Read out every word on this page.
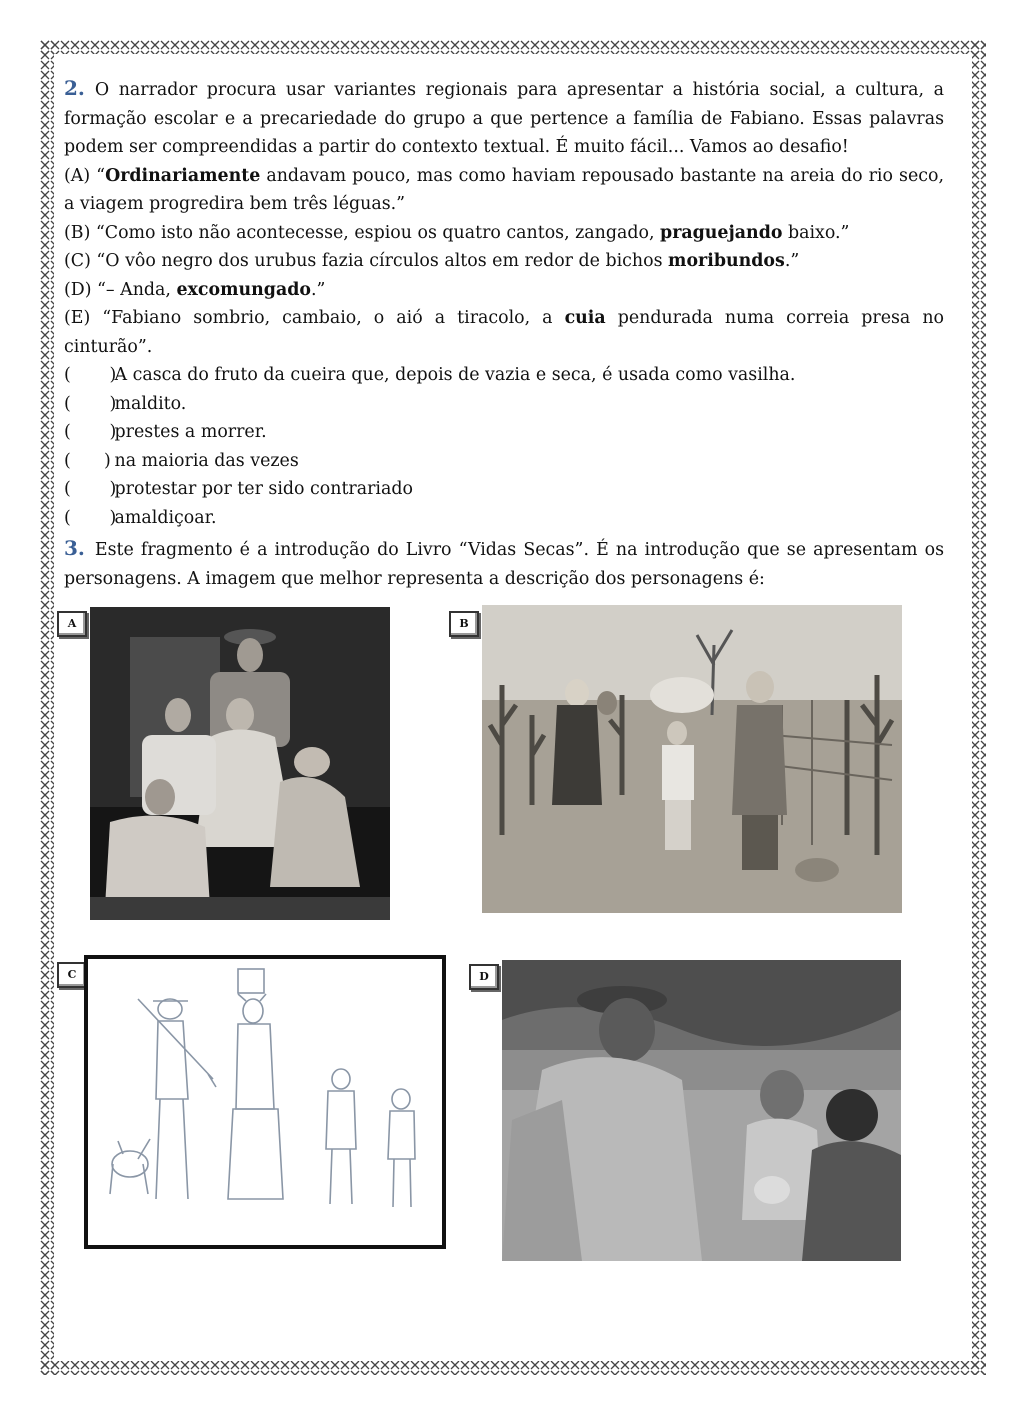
2. O narrador procura usar variantes regionais para apresentar a história social, a cultura, a formação escolar e a precariedade do grupo a que pertence a família de Fabiano. Essas palavras podem ser compreendidas a partir do contexto textual. É muito fácil... Vamos ao desafio!

(A) “Ordinariamente andavam pouco, mas como haviam repousado bastante na areia do rio seco, a viagem progredira bem três léguas.”

(B) “Como isto não acontecesse, espiou os quatro cantos, zangado, praguejando baixo.”

(C) “O vôo negro dos urubus fazia círculos altos em redor de bichos moribundos.”

(D) “– Anda, excomungado.”

(E) “Fabiano sombrio, cambaio, o aió a tiracolo, a cuia pendurada numa correia presa no cinturão”.

(       ) A casca do fruto da cueira que, depois de vazia e seca, é usada como vasilha.

(       ) maldito.

(       ) prestes a morrer.

(      ) na maioria das vezes

(       ) protestar por ter sido contrariado

(       ) amaldiçoar.

3. Este fragmento é a introdução do Livro “Vidas Secas”. É na introdução que se apresentam os personagens. A imagem que melhor representa a descrição dos personagens é:

A	B
C	D
